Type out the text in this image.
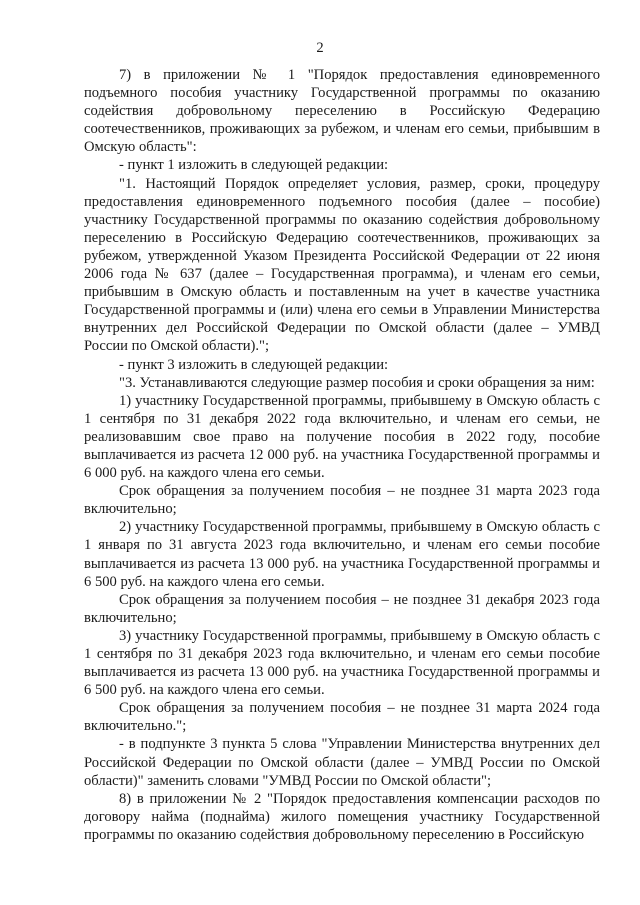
2

7) в приложении № 1 "Порядок предоставления единовременного подъемного пособия участнику Государственной программы по оказанию содействия добровольному переселению в Российскую Федерацию соотечественников, проживающих за рубежом, и членам его семьи, прибывшим в Омскую область":

- пункт 1 изложить в следующей редакции:

"1. Настоящий Порядок определяет условия, размер, сроки, процедуру предоставления единовременного подъемного пособия (далее – пособие) участнику Государственной программы по оказанию содействия добровольному переселению в Российскую Федерацию соотечественников, проживающих за рубежом, утвержденной Указом Президента Российской Федерации от 22 июня 2006 года № 637 (далее – Государственная программа), и членам его семьи, прибывшим в Омскую область и поставленным на учет в качестве участника Государственной программы и (или) члена его семьи в Управлении Министерства внутренних дел Российской Федерации по Омской области (далее – УМВД России по Омской области).";

- пункт 3 изложить в следующей редакции:

"3. Устанавливаются следующие размер пособия и сроки обращения за ним:

1) участнику Государственной программы, прибывшему в Омскую область с 1 сентября по 31 декабря 2022 года включительно, и членам его семьи, не реализовавшим свое право на получение пособия в 2022 году, пособие выплачивается из расчета 12 000 руб. на участника Государственной программы и 6 000 руб. на каждого члена его семьи.

Срок обращения за получением пособия – не позднее 31 марта 2023 года включительно;

2) участнику Государственной программы, прибывшему в Омскую область с 1 января по 31 августа 2023 года включительно, и членам его семьи пособие выплачивается из расчета 13 000 руб. на участника Государственной программы и 6 500 руб. на каждого члена его семьи.

Срок обращения за получением пособия – не позднее 31 декабря 2023 года включительно;

3) участнику Государственной программы, прибывшему в Омскую область с 1 сентября по 31 декабря 2023 года включительно, и членам его семьи пособие выплачивается из расчета 13 000 руб. на участника Государственной программы и 6 500 руб. на каждого члена его семьи.

Срок обращения за получением пособия – не позднее 31 марта 2024 года включительно.";

- в подпункте 3 пункта 5 слова "Управлении Министерства внутренних дел Российской Федерации по Омской области (далее – УМВД России по Омской области)" заменить словами "УМВД России по Омской области";

8) в приложении № 2 "Порядок предоставления компенсации расходов по договору найма (поднайма) жилого помещения участнику Государственной программы по оказанию содействия добровольному переселению в Российскую
